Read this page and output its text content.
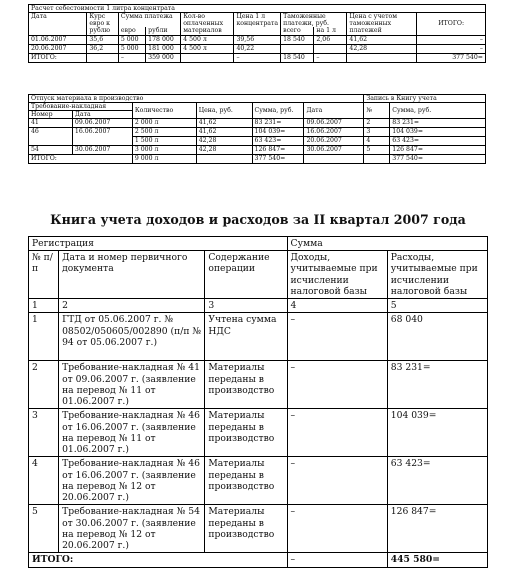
Расчет себестоимости 1 литра концентрата									
Дата	Курс евро к рублю	Сумма платежа		Кол-во оплаченных материалов	Цена 1 л концентрата	Таможенные платежи, руб.		Цена с учетом таможенных платежей	ИТОГО:
		евро	рубли			всего	на 1 л		
01.06.2007	35,6	5 000	178 000	4 500 л	39,56	18 540	2,06	41,62	–
20.06.2007	36,2	5 000	181 000	4 500 л	40,22			42,28	–
ИТОГО:		–	359 000		–	18 540	–		377 540=
Отпуск материала в производство						Запись в Книгу учета	
Требование-накладная		Количество	Цена, руб.	Сумма, руб.	Дата	№	Сумма, руб.
Номер	Дата						
41	09.06.2007	2 000 л	41,62	83 231=	09.06.2007	2	83 231=
46	16.06.2007	2 500 л	41,62	104 039=	16.06.2007	3	104 039=
		1 500 л	42,28	63 423=	20.06.2007	4	63 423=
54	30.06.2007	3 000 л	42,28	126 847=	30.06.2007	5	126 847=
ИТОГО:		9 000 л		377 540=			377 540=
Книга учета доходов и расходов за II квартал 2007 года
Регистрация			Сумма	
№ п/п	Дата и номер первичного документа	Содержание операции	Доходы, учитываемые при исчислении налоговой базы	Расходы, учитываемые при исчислении налоговой базы
1	2	3	4	5
1	ГТД от 05.06.2007 г. № 08502/050605/002890 (п/п № 94 от 05.06.2007 г.)	Учтена сумма НДС	–	68 040
2	Требование-накладная № 41 от 09.06.2007 г. (заявление на перевод № 11 от 01.06.2007 г.)	Материалы переданы в производство	–	83 231=
3	Требование-накладная № 46 от 16.06.2007 г. (заявление на перевод № 11 от 01.06.2007 г.)	Материалы переданы в производство	–	104 039=
4	Требование-накладная № 46 от 16.06.2007 г. (заявление на перевод № 12 от 20.06.2007 г.)	Материалы переданы в производство	–	63 423=
5	Требование-накладная № 54 от 30.06.2007 г. (заявление на перевод № 12 от 20.06.2007 г.)	Материалы переданы в производство	–	126 847=
ИТОГО:			–	445 580=
